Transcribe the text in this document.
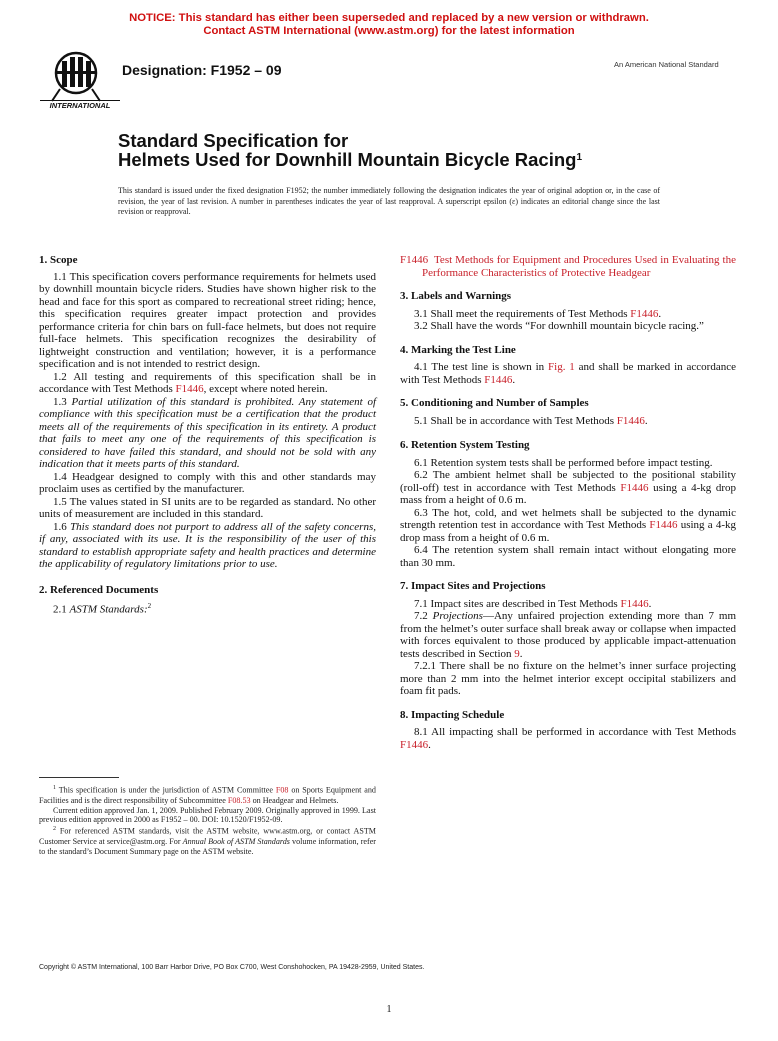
NOTICE: This standard has either been superseded and replaced by a new version or withdrawn.
Contact ASTM International (www.astm.org) for the latest information
INTERNATIONAL
Designation: F1952 – 09	An American National Standard
Standard Specification for
Helmets Used for Downhill Mountain Bicycle Racing$^1$
This standard is issued under the fixed designation F1952; the number immediately following the designation indicates the year of original adoption or, in the case of revision, the year of last revision. A number in parentheses indicates the year of last reapproval. A superscript epsilon (ε) indicates an editorial change since the last revision or reapproval.
1. Scope

1.1 This specification covers performance requirements for helmets used by downhill mountain bicycle riders. Studies have shown higher risk to the head and face for this sport as compared to recreational street riding; hence, this specification requires greater impact protection and provides performance criteria for chin bars on full-face helmets, but does not require full-face helmets. This specification recognizes the desirability of lightweight construction and ventilation; however, it is a performance specification and is not intended to restrict design.

1.2 All testing and requirements of this specification shall be in accordance with Test Methods F1446, except where noted herein.

1.3 Partial utilization of this standard is prohibited. Any statement of compliance with this specification must be a certification that the product meets all of the requirements of this specification in its entirety. A product that fails to meet any one of the requirements of this specification is considered to have failed this standard, and should not be sold with any indication that it meets parts of this standard.

1.4 Headgear designed to comply with this and other standards may proclaim uses as certified by the manufacturer.

1.5 The values stated in SI units are to be regarded as standard. No other units of measurement are included in this standard.

1.6 This standard does not purport to address all of the safety concerns, if any, associated with its use. It is the responsibility of the user of this standard to establish appropriate safety and health practices and determine the applicability of regulatory limitations prior to use.

2. Referenced Documents

2.1 ASTM Standards:$^2$

$^1$ This specification is under the jurisdiction of ASTM Committee F08 on Sports Equipment and Facilities and is the direct responsibility of Subcommittee F08.53 on Headgear and Helmets.

Current edition approved Jan. 1, 2009. Published February 2009. Originally approved in 1999. Last previous edition approved in 2000 as F1952 – 00. DOI: 10.1520/F1952-09.

$^2$ For referenced ASTM standards, visit the ASTM website, www.astm.org, or contact ASTM Customer Service at service@astm.org. For Annual Book of ASTM Standards volume information, refer to the standard’s Document Summary page on the ASTM website.

F1446 Test Methods for Equipment and Procedures Used in Evaluating the Performance Characteristics of Protective Headgear

3. Labels and Warnings

3.1 Shall meet the requirements of Test Methods F1446.

3.2 Shall have the words “For downhill mountain bicycle racing.”

4. Marking the Test Line

4.1 The test line is shown in Fig. 1 and shall be marked in accordance with Test Methods F1446.

5. Conditioning and Number of Samples

5.1 Shall be in accordance with Test Methods F1446.

6. Retention System Testing

6.1 Retention system tests shall be performed before impact testing.

6.2 The ambient helmet shall be subjected to the positional stability (roll-off) test in accordance with Test Methods F1446 using a 4-kg drop mass from a height of 0.6 m.

6.3 The hot, cold, and wet helmets shall be subjected to the dynamic strength retention test in accordance with Test Methods F1446 using a 4-kg drop mass from a height of 0.6 m.

6.4 The retention system shall remain intact without elongating more than 30 mm.

7. Impact Sites and Projections

7.1 Impact sites are described in Test Methods F1446.

7.2 Projections—Any unfaired projection extending more than 7 mm from the helmet’s outer surface shall break away or collapse when impacted with forces equivalent to those produced by applicable impact-attenuation tests described in Section 9.

7.2.1 There shall be no fixture on the helmet’s inner surface projecting more than 2 mm into the helmet interior except occipital stabilizers and foam fit pads.

8. Impacting Schedule

8.1 All impacting shall be performed in accordance with Test Methods F1446.

Copyright © ASTM International, 100 Barr Harbor Drive, PO Box C700, West Conshohocken, PA 19428-2959, United States.
1
